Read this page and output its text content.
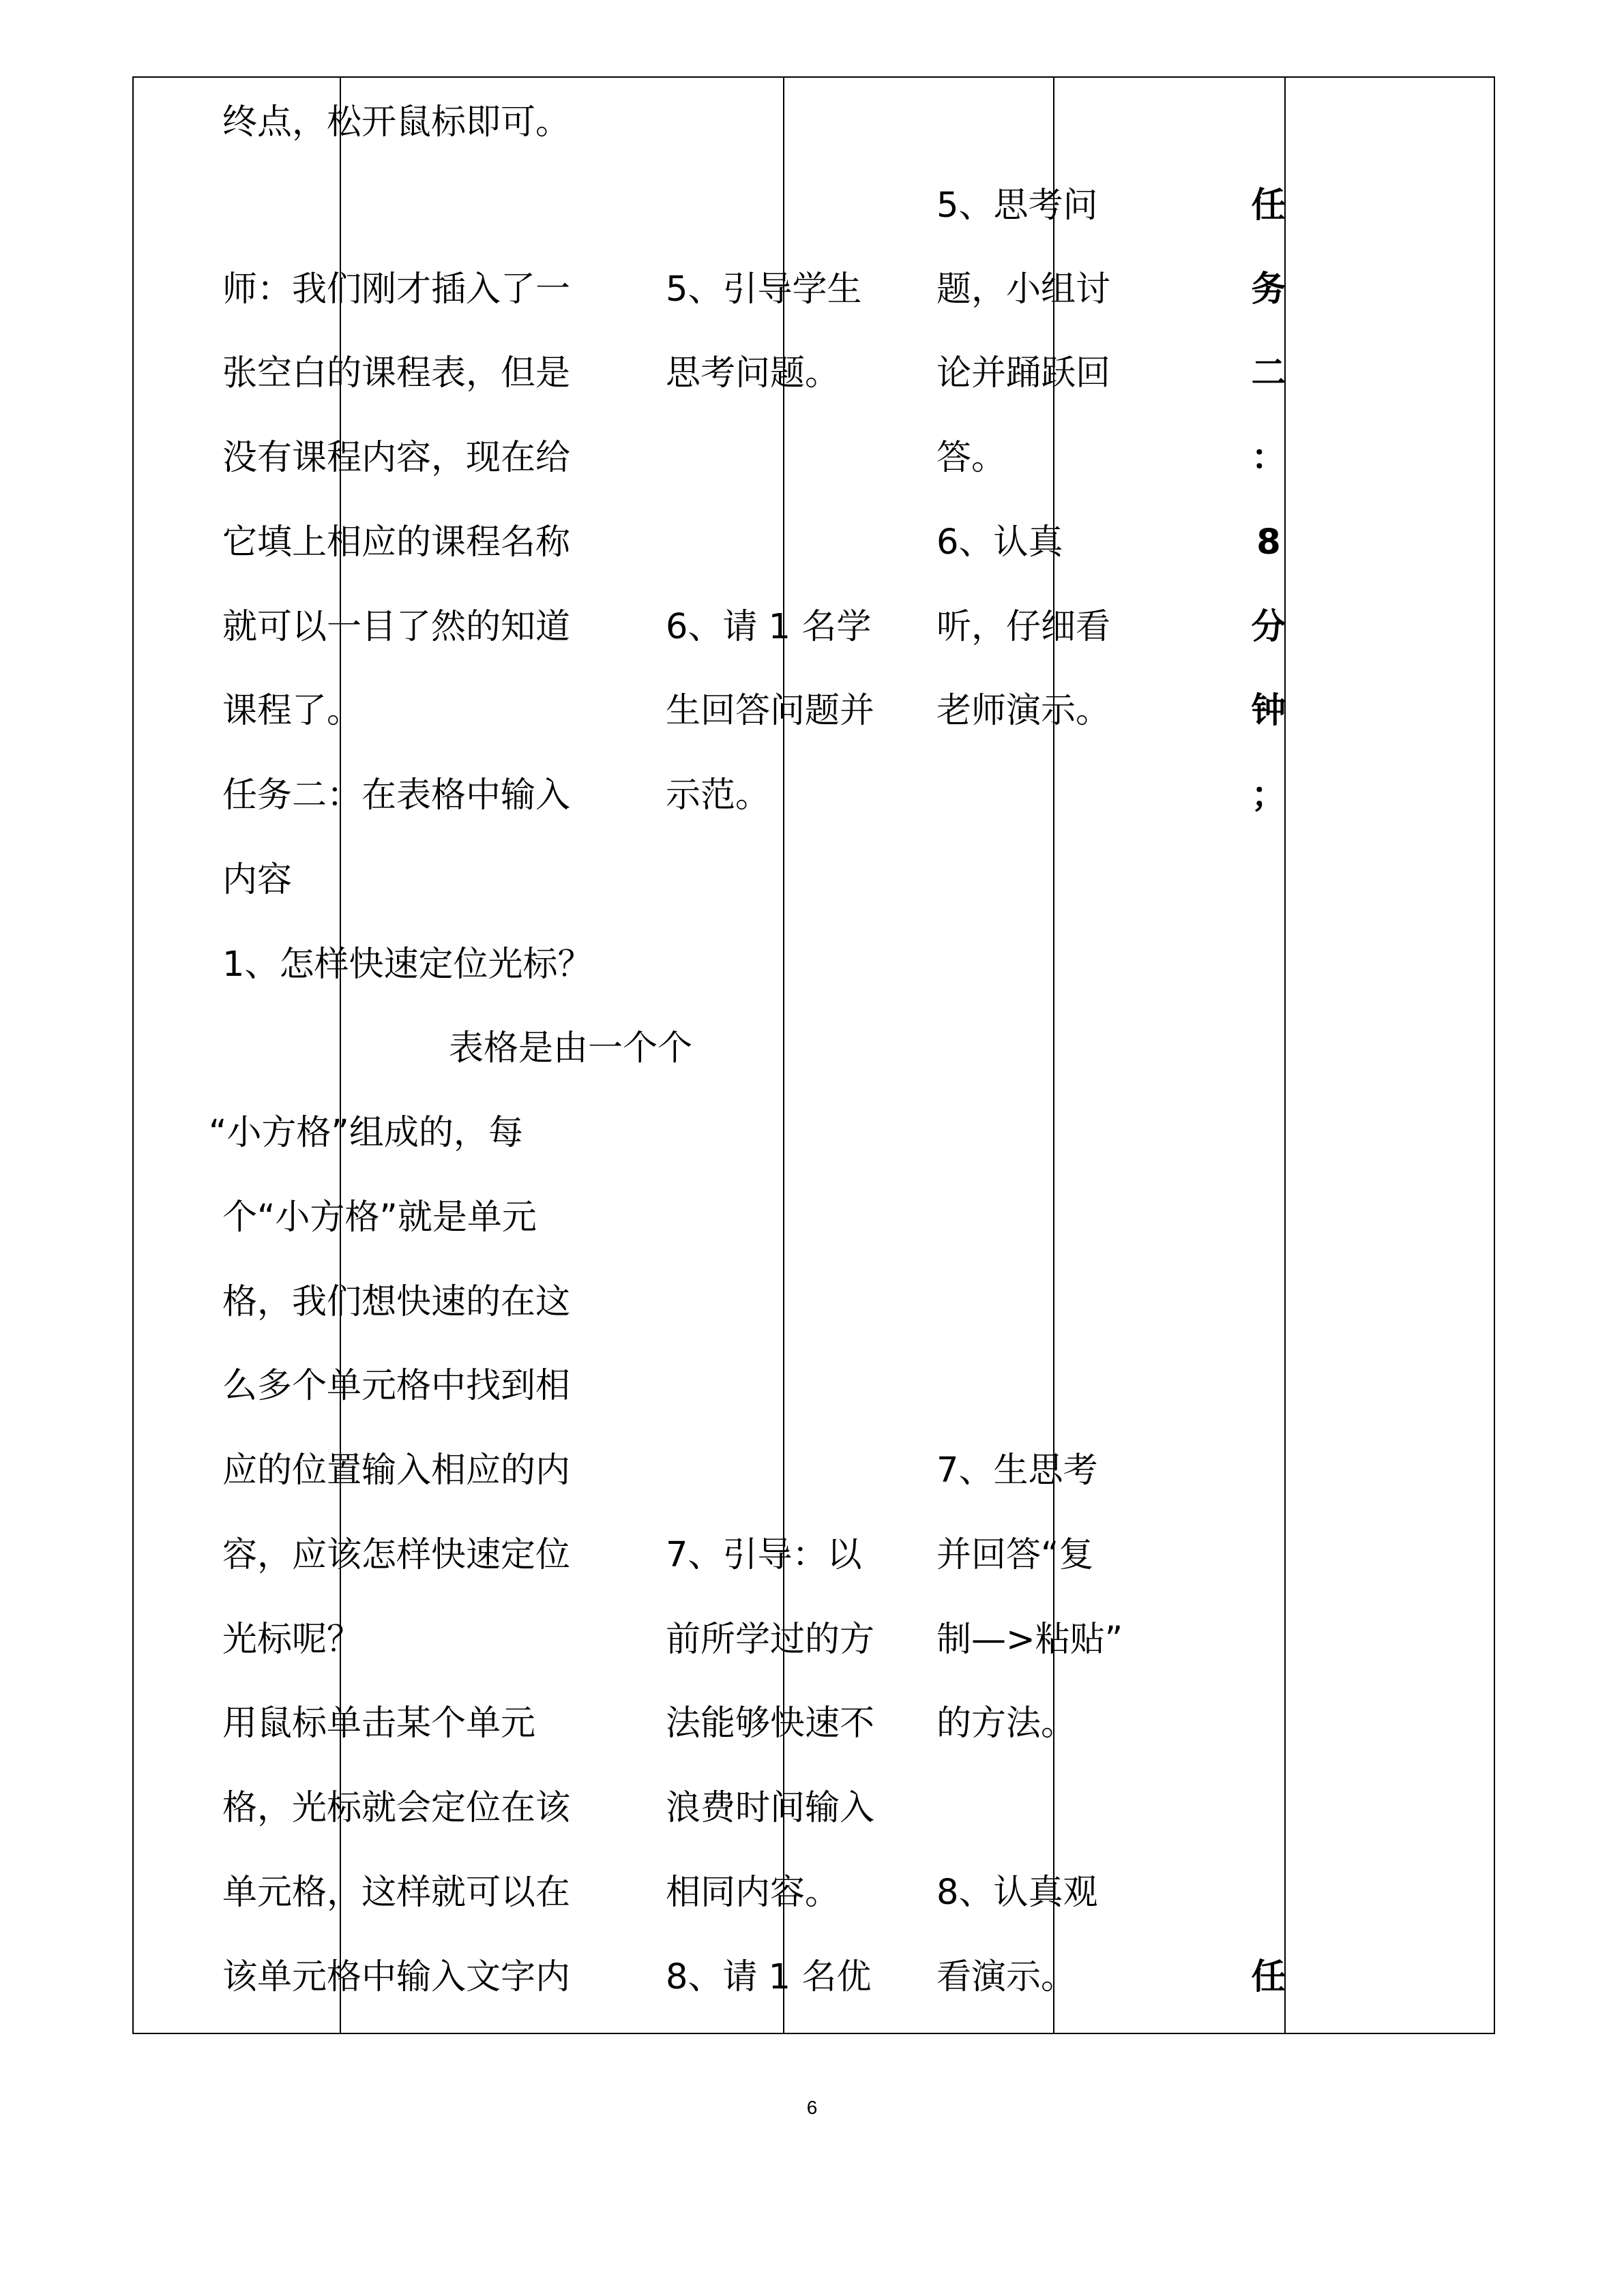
终点，松开鼠标即可。
师：我们刚才插入了一
张空白的课程表，但是
没有课程内容，现在给
它填上相应的课程名称
就可以一目了然的知道
课程了。
任务二：在表格中输入
内容
1、怎样快速定位光标？
表格是由一个个
“小方格”组成的，每
个“小方格”就是单元
格，我们想快速的在这
么多个单元格中找到相
应的位置输入相应的内
容，应该怎样快速定位
光标呢？
用鼠标单击某个单元
格，光标就会定位在该
单元格，这样就可以在
该单元格中输入文字内
5、引导学生
思考问题。
6、请 1 名学
生回答问题并
示范。
7、引导：以
前所学过的方
法能够快速不
浪费时间输入
相同内容。
8、请 1 名优
5、思考问
题，小组讨
论并踊跃回
答。
6、认真
听，仔细看
老师演示。
7、生思考
并回答“复
制—>粘贴”
的方法。
8、认真观
看演示。
任
务
二
：
8
分
钟
；
任
6
